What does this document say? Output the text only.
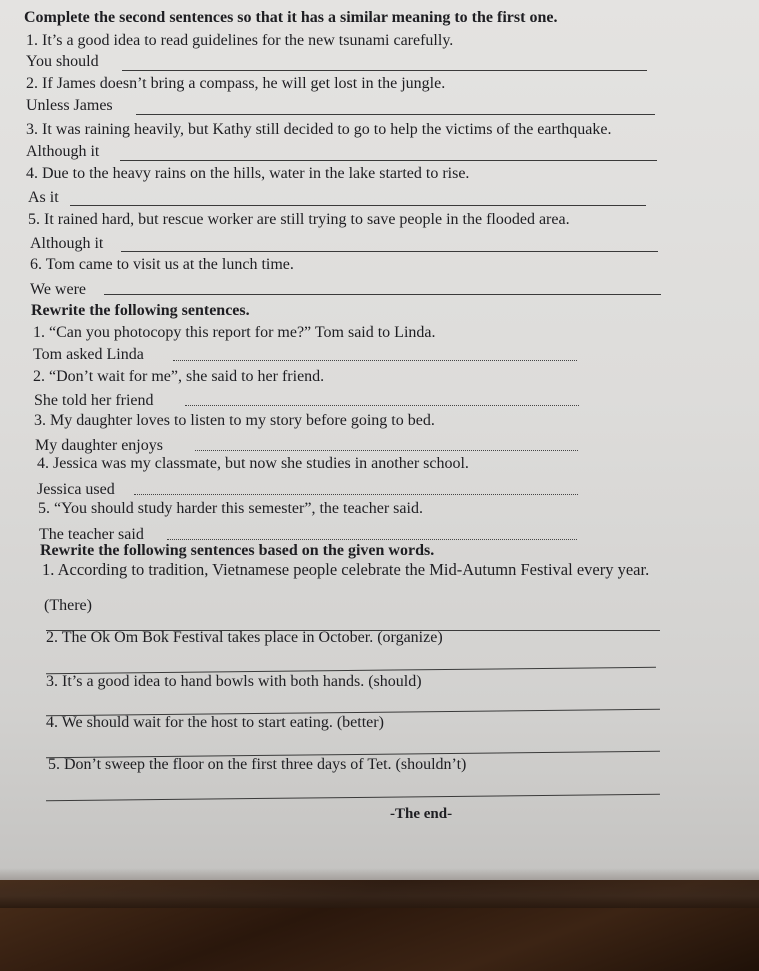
Complete the second sentences so that it has a similar meaning to the first one.
1. It’s a good idea to read guidelines for the new tsunami carefully.
You should
2. If James doesn’t bring a compass, he will get lost in the jungle.
Unless James
3. It was raining heavily, but Kathy still decided to go to help the victims of the earthquake.
Although it
4. Due to the heavy rains on the hills, water in the lake started to rise.
As it
5. It rained hard, but rescue worker are still trying to save people in the flooded area.
Although it
6. Tom came to visit us at the lunch time.
We were
Rewrite the following sentences.
1. “Can you photocopy this report for me?” Tom said to Linda.
Tom asked Linda
2. “Don’t wait for me”, she said to her friend.
She told her friend
3. My daughter loves to listen to my story before going to bed.
My daughter enjoys
4. Jessica was my classmate, but now she studies in another school.
Jessica used
5. “You should study harder this semester”, the teacher said.
The teacher said
Rewrite the following sentences based on the given words.
1. According to tradition, Vietnamese people celebrate the Mid-Autumn Festival every year.
(There)
2. The Ok Om Bok Festival takes place in October. (organize)
3. It’s a good idea to hand bowls with both hands. (should)
4. We should wait for the host to start eating. (better)
5. Don’t sweep the floor on the first three days of Tet. (shouldn’t)
-The end-
